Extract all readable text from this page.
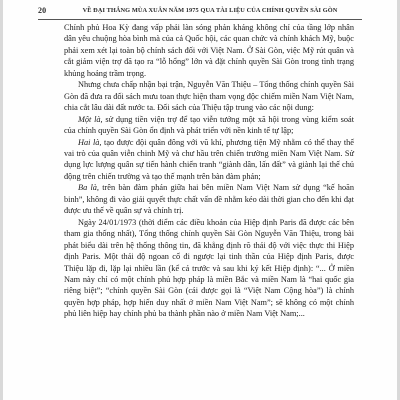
20	VỀ ĐẠI THẮNG MÙA XUÂN NĂM 1975 QUA TÀI LIỆU CỦA CHÍNH QUYỀN SÀI GÒN

Chính phủ Hoa Kỳ đang vấp phải làn sóng phản kháng không chỉ của tầng lớp nhân dân yêu chuộng hòa bình mà của cả Quốc hội, các quan chức và chính khách Mỹ, buộc phải xem xét lại toàn bộ chính sách đối với Việt Nam. Ở Sài Gòn, việc Mỹ rút quân và cắt giảm viện trợ đã tạo ra “lỗ hổng” lớn và đặt chính quyền Sài Gòn trong tình trạng khủng hoảng trầm trọng.

Nhưng chưa chấp nhận bại trận, Nguyễn Văn Thiệu – Tổng thống chính quyền Sài Gòn đã đưa ra đối sách mưu toan thực hiện tham vọng độc chiếm miền Nam Việt Nam, chia cắt lâu dài đất nước ta. Đối sách của Thiệu tập trung vào các nội dung:

Một là, sử dụng tiền viện trợ để tạo viễn tưởng một xã hội trong vùng kiểm soát của chính quyền Sài Gòn ổn định và phát triển với nền kinh tế tự lập;

Hai là, tạo được đội quân đông với vũ khí, phương tiện Mỹ nhằm có thể thay thế vai trò của quân viễn chinh Mỹ và chư hầu trên chiến trường miền Nam Việt Nam. Sử dụng lực lượng quân sự tiến hành chiến tranh “giành dân, lấn đất” và giành lại thế chủ động trên chiến trường và tạo thế mạnh trên bàn đàm phán;

Ba là, trên bàn đàm phán giữa hai bên miền Nam Việt Nam sử dụng “kế hoãn binh”, không đi vào giải quyết thực chất vấn đề nhằm kéo dài thời gian cho đến khi đạt được ưu thế về quân sự và chính trị.

Ngày 24/01/1973 (thời điểm các điều khoản của Hiệp định Paris đã được các bên tham gia thống nhất), Tổng thống chính quyền Sài Gòn Nguyễn Văn Thiệu, trong bài phát biểu dài trên hệ thống thông tin, đã khẳng định rõ thái độ với việc thực thi Hiệp định Paris. Một thái độ ngoan cố đi ngược lại tinh thần của Hiệp định Paris, được Thiệu lặp đi, lặp lại nhiều lần (kể cả trước và sau khi ký kết Hiệp định): “... Ở miền Nam này chỉ có một chính phủ hợp pháp là miền Bắc và miền Nam là “hai quốc gia riêng biệt”; “chính quyền Sài Gòn (cái được gọi là “Việt Nam Cộng hòa”) là chính quyền hợp pháp, hợp hiến duy nhất ở miền Nam Việt Nam”; sẽ không có một chính phủ liên hiệp hay chính phủ ba thành phần nào ở miền Nam Việt Nam;...
